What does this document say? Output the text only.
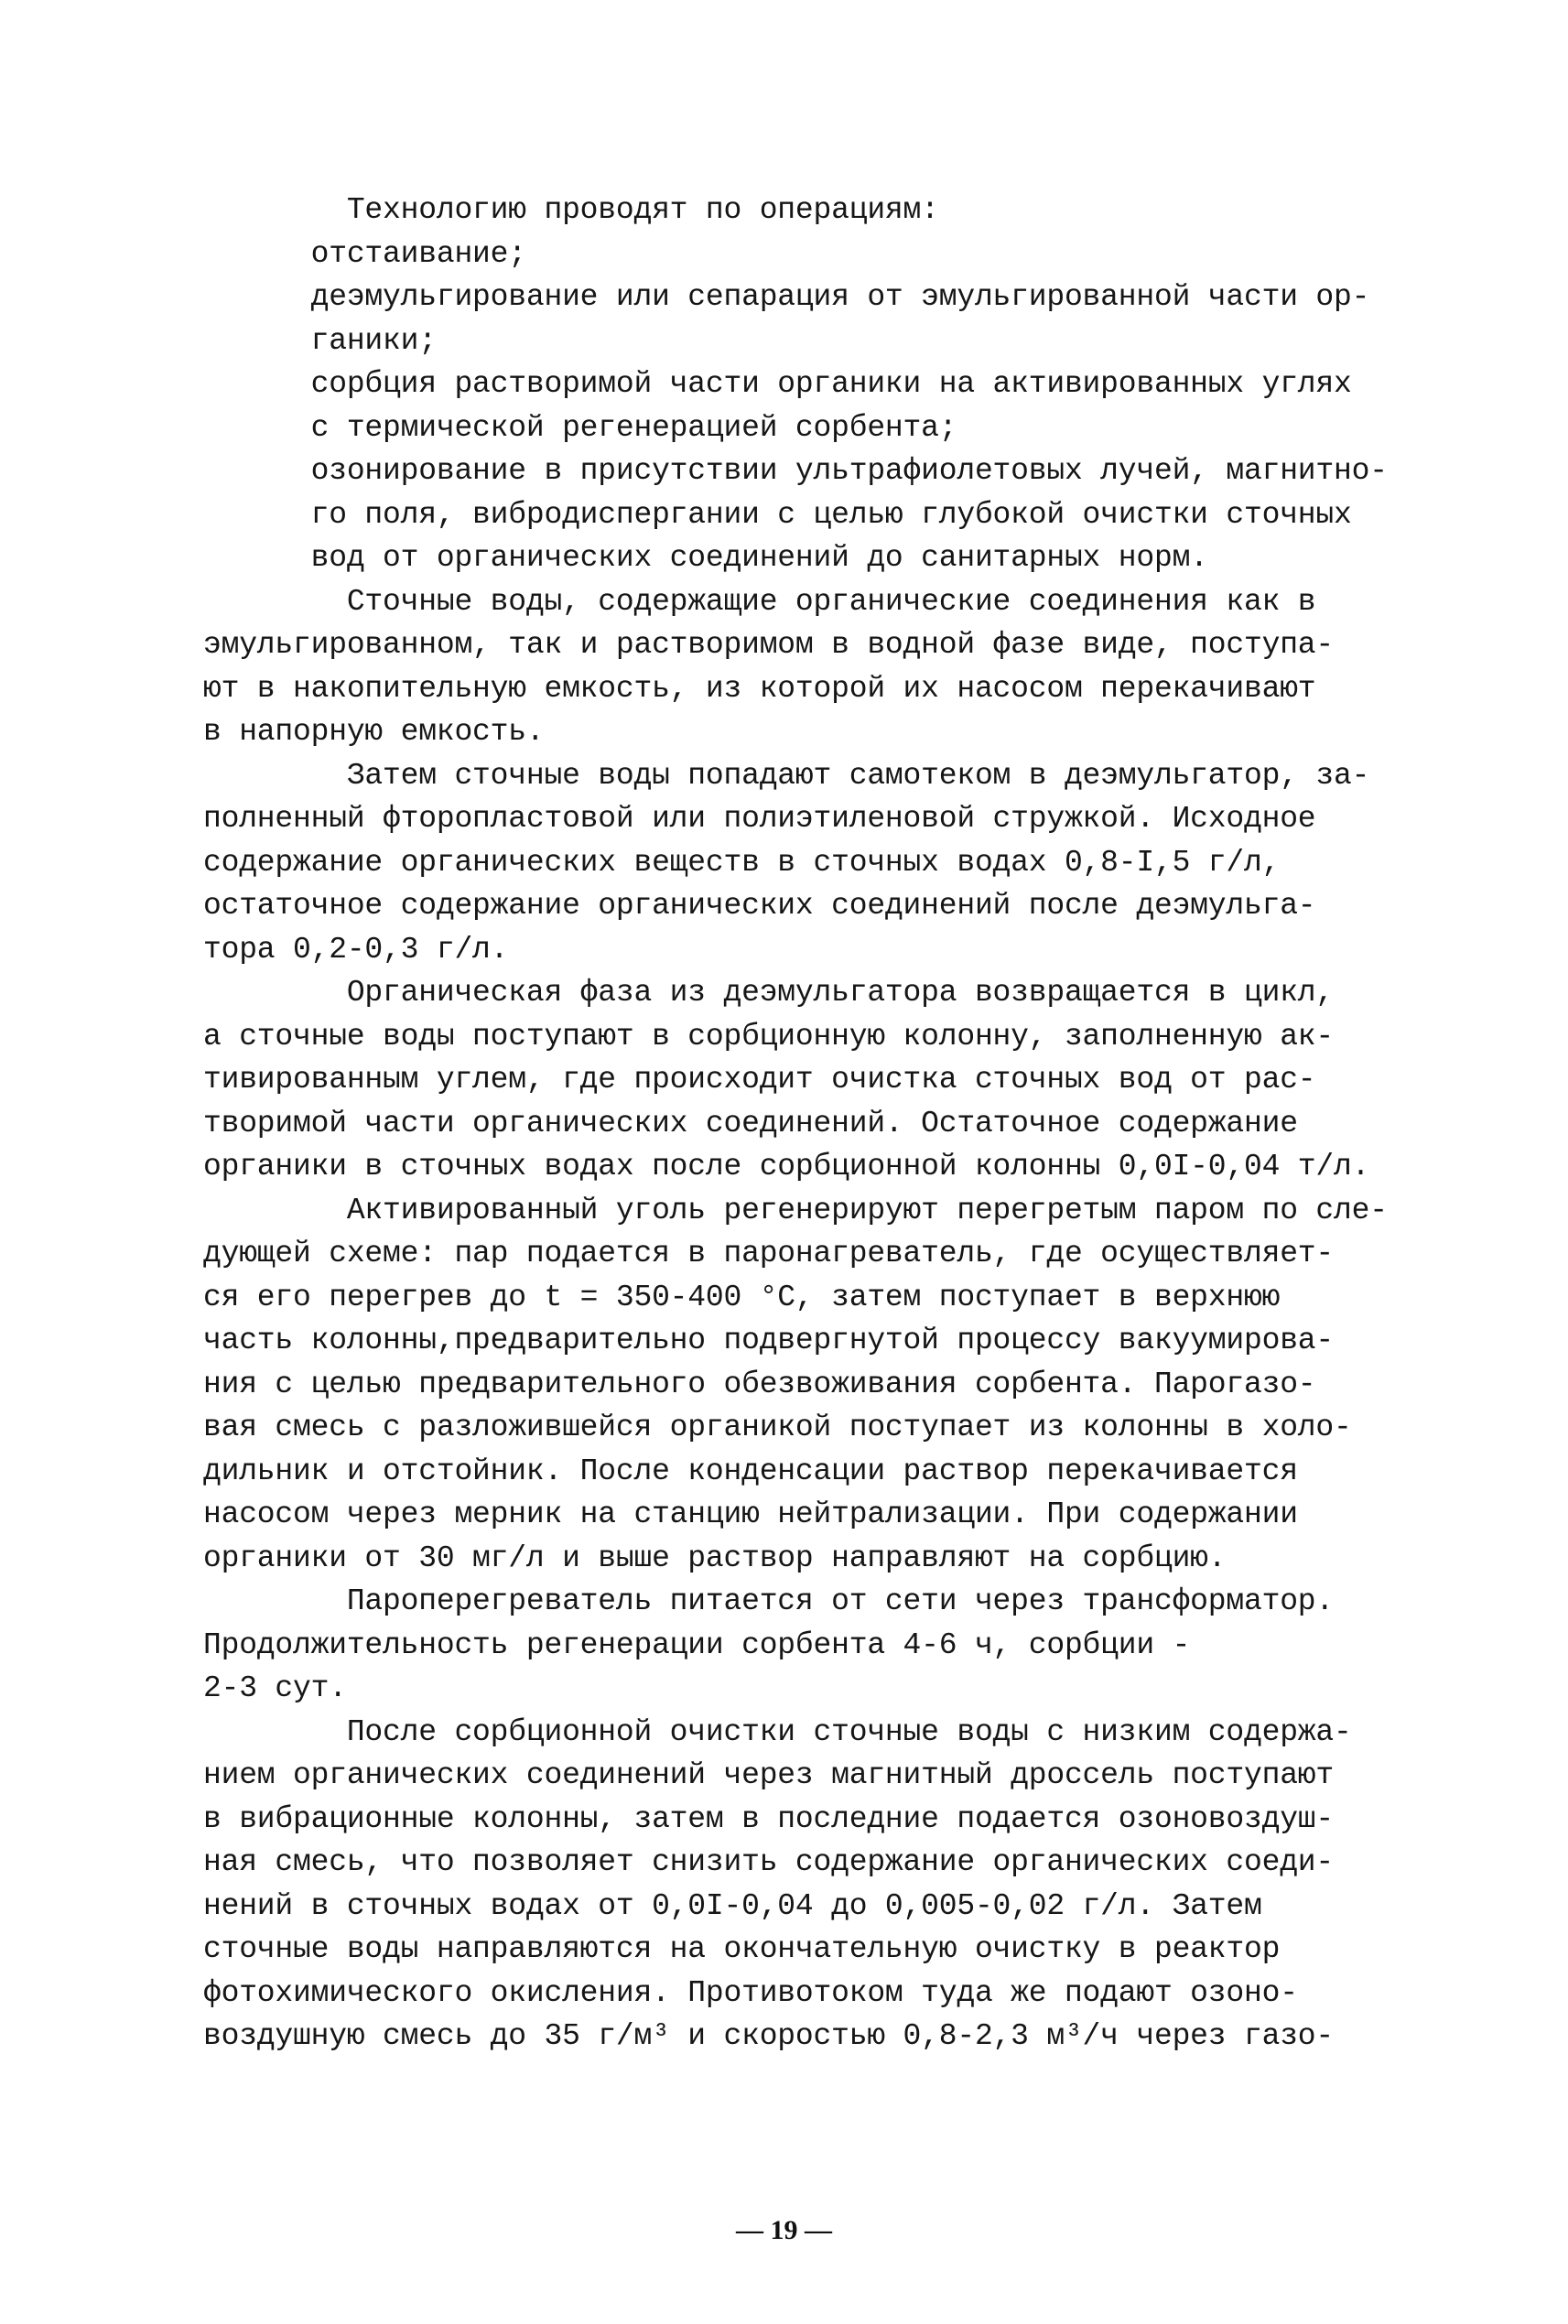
Технологию проводят по операциям:
отстаивание;
деэмульгирование или сепарация от эмульгированной части ор-
ганики;
сорбция растворимой части органики на активированных углях
с термической регенерацией сорбента;
озонирование в присутствии ультрафиолетовых лучей, магнитно-
го поля, вибродиспергании с целью глубокой очистки сточных
вод от органических соединений до санитарных норм.
Сточные воды, содержащие органические соединения как в
эмульгированном, так и растворимом в водной фазе виде, поступа-
ют в накопительную емкость, из которой их насосом перекачивают
в напорную емкость.
Затем сточные воды попадают самотеком в деэмульгатор, за-
полненный фторопластовой или полиэтиленовой стружкой. Исходное
содержание органических веществ в сточных водах 0,8-I,5 г/л,
остаточное содержание органических соединений после деэмульга-
тора 0,2-0,3 г/л.
Органическая фаза из деэмульгатора возвращается в цикл,
а сточные воды поступают в сорбционную колонну, заполненную ак-
тивированным углем, где происходит очистка сточных вод от рас-
творимой части органических соединений. Остаточное содержание
органики в сточных водах после сорбционной колонны 0,0I-0,04 т/л.
Активированный уголь регенерируют перегретым паром по сле-
дующей схеме: пар подается в паронагреватель, где осуществляет-
ся его перегрев до t = 350-400 °C, затем поступает в верхнюю
часть колонны,предварительно подвергнутой процессу вакуумирова-
ния с целью предварительного обезвоживания сорбента. Парогазо-
вая смесь с разложившейся органикой поступает из колонны в холо-
дильник и отстойник. После конденсации раствор перекачивается
насосом через мерник на станцию нейтрализации. При содержании
органики от 30 мг/л и выше раствор направляют на сорбцию.
Пароперегреватель питается от сети через трансформатор.
Продолжительность регенерации сорбента 4-6 ч, сорбции -
2-3 сут.
После сорбционной очистки сточные воды с низким содержа-
нием органических соединений через магнитный дроссель поступают
в вибрационные колонны, затем в последние подается озоновоздуш-
ная смесь, что позволяет снизить содержание органических соеди-
нений в сточных водах от 0,0I-0,04 до 0,005-0,02 г/л. Затем
сточные воды направляются на окончательную очистку в реактор
фотохимического окисления. Противотоком туда же подают озоно-
воздушную смесь до 35 г/м³ и скоростью 0,8-2,3 м³/ч через газо-
— 19 —
